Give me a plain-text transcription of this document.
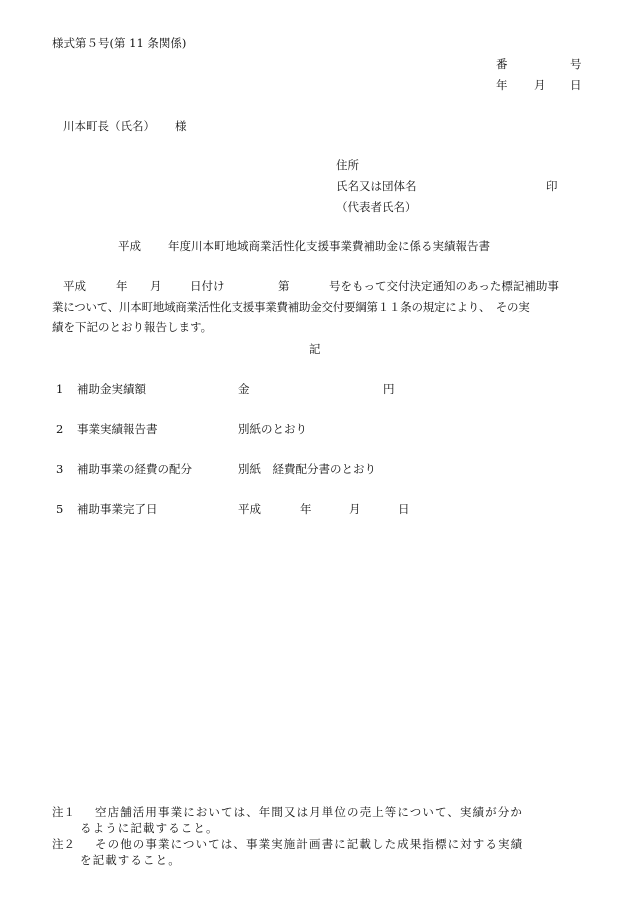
様式第５号(第 11 条関係)
番	号
年 月 日
川本町長（氏名） 様
住所
氏名又は団体名	印
（代表者氏名）
平成 年度川本町地域商業活性化支援事業費補助金に係る実績報告書
平成	年 月 日付け	第	号をもって交付決定通知のあった標記補助事
業について、川本町地域商業活性化支援事業費補助金交付要綱第１１条の規定により、　その実
績を下記のとおり報告します。
記
1 補助金実績額	金	円
2 事業実績報告書	別紙のとおり
3 補助事業の経費の配分	別紙　経費配分書のとおり
5 補助事業完了日	平成	年	月	日
注１ 空店舗活用事業においては、年間又は月単位の売上等について、実績が分か
るように記載すること。
注２ その他の事業については、事業実施計画書に記載した成果指標に対する実績
を記載すること。
